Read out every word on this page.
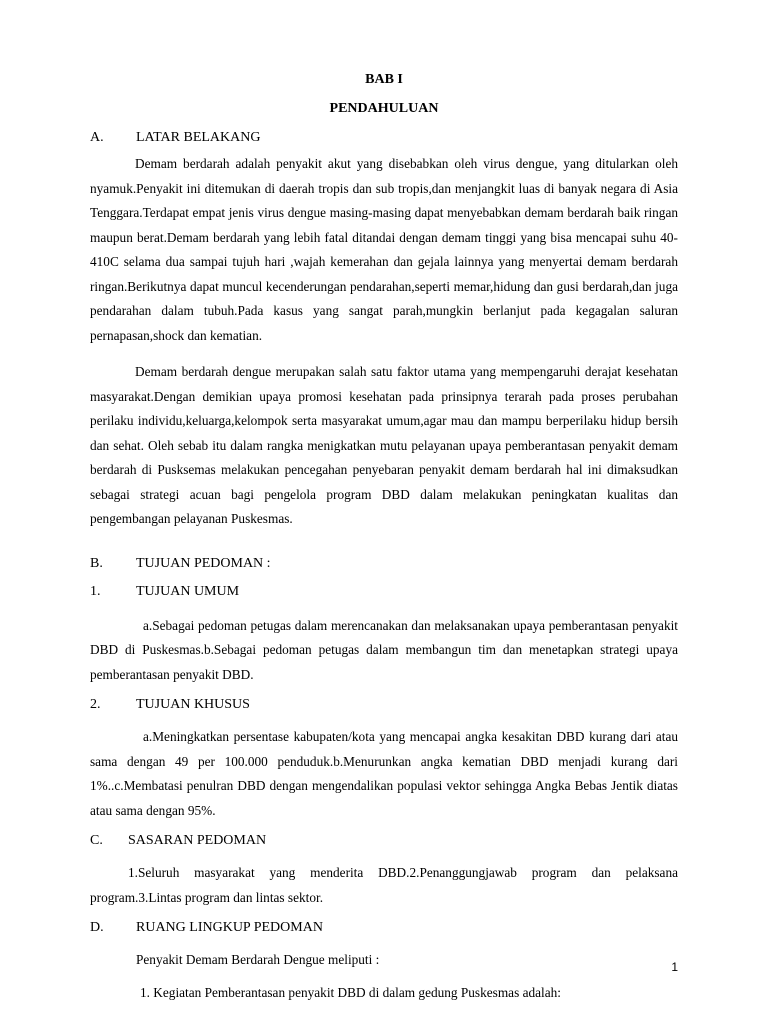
BAB I

PENDAHULUAN

A.	LATAR BELAKANG

Demam berdarah adalah penyakit akut yang disebabkan oleh virus dengue, yang ditularkan oleh nyamuk.Penyakit ini ditemukan di daerah tropis dan sub tropis,dan menjangkit luas di banyak negara di Asia Tenggara.Terdapat empat jenis virus dengue masing-masing dapat menyebabkan demam berdarah baik ringan maupun berat.Demam berdarah yang lebih fatal ditandai dengan demam tinggi yang bisa mencapai suhu 40-410C selama dua sampai tujuh hari ,wajah kemerahan dan gejala lainnya yang menyertai demam berdarah ringan.Berikutnya dapat muncul kecenderungan pendarahan,seperti memar,hidung dan gusi berdarah,dan juga pendarahan dalam tubuh.Pada kasus yang sangat parah,mungkin berlanjut pada kegagalan saluran pernapasan,shock dan kematian.

Demam berdarah dengue merupakan salah satu faktor utama yang mempengaruhi derajat kesehatan masyarakat.Dengan demikian upaya promosi kesehatan pada prinsipnya terarah pada proses perubahan perilaku individu,keluarga,kelompok serta masyarakat umum,agar mau dan mampu berperilaku hidup bersih dan sehat. Oleh sebab itu dalam rangka menigkatkan mutu pelayanan upaya pemberantasan penyakit demam berdarah di Pusksemas melakukan pencegahan penyebaran penyakit demam berdarah hal ini dimaksudkan sebagai strategi acuan bagi pengelola program DBD dalam melakukan peningkatan kualitas dan pengembangan pelayanan Puskesmas.

B.	TUJUAN PEDOMAN :
1.	TUJUAN UMUM

a.Sebagai pedoman petugas dalam merencanakan dan melaksanakan upaya pemberantasan penyakit DBD di Puskesmas.b.Sebagai pedoman petugas dalam membangun tim dan menetapkan strategi upaya pemberantasan penyakit DBD.

2.	TUJUAN KHUSUS

a.Meningkatkan persentase kabupaten/kota yang mencapai angka kesakitan DBD kurang dari atau sama dengan 49 per 100.000 penduduk.b.Menurunkan angka kematian DBD menjadi kurang dari 1%..c.Membatasi penulran DBD dengan mengendalikan populasi vektor sehingga Angka Bebas Jentik diatas atau sama dengan 95%.

C.	SASARAN PEDOMAN

1.Seluruh masyarakat yang menderita DBD.2.Penanggungjawab program dan pelaksana program.3.Lintas program dan lintas sektor.

D.	RUANG LINGKUP PEDOMAN

Penyakit Demam Berdarah Dengue meliputi :

1. Kegiatan Pemberantasan penyakit DBD di dalam gedung Puskesmas adalah:

1
